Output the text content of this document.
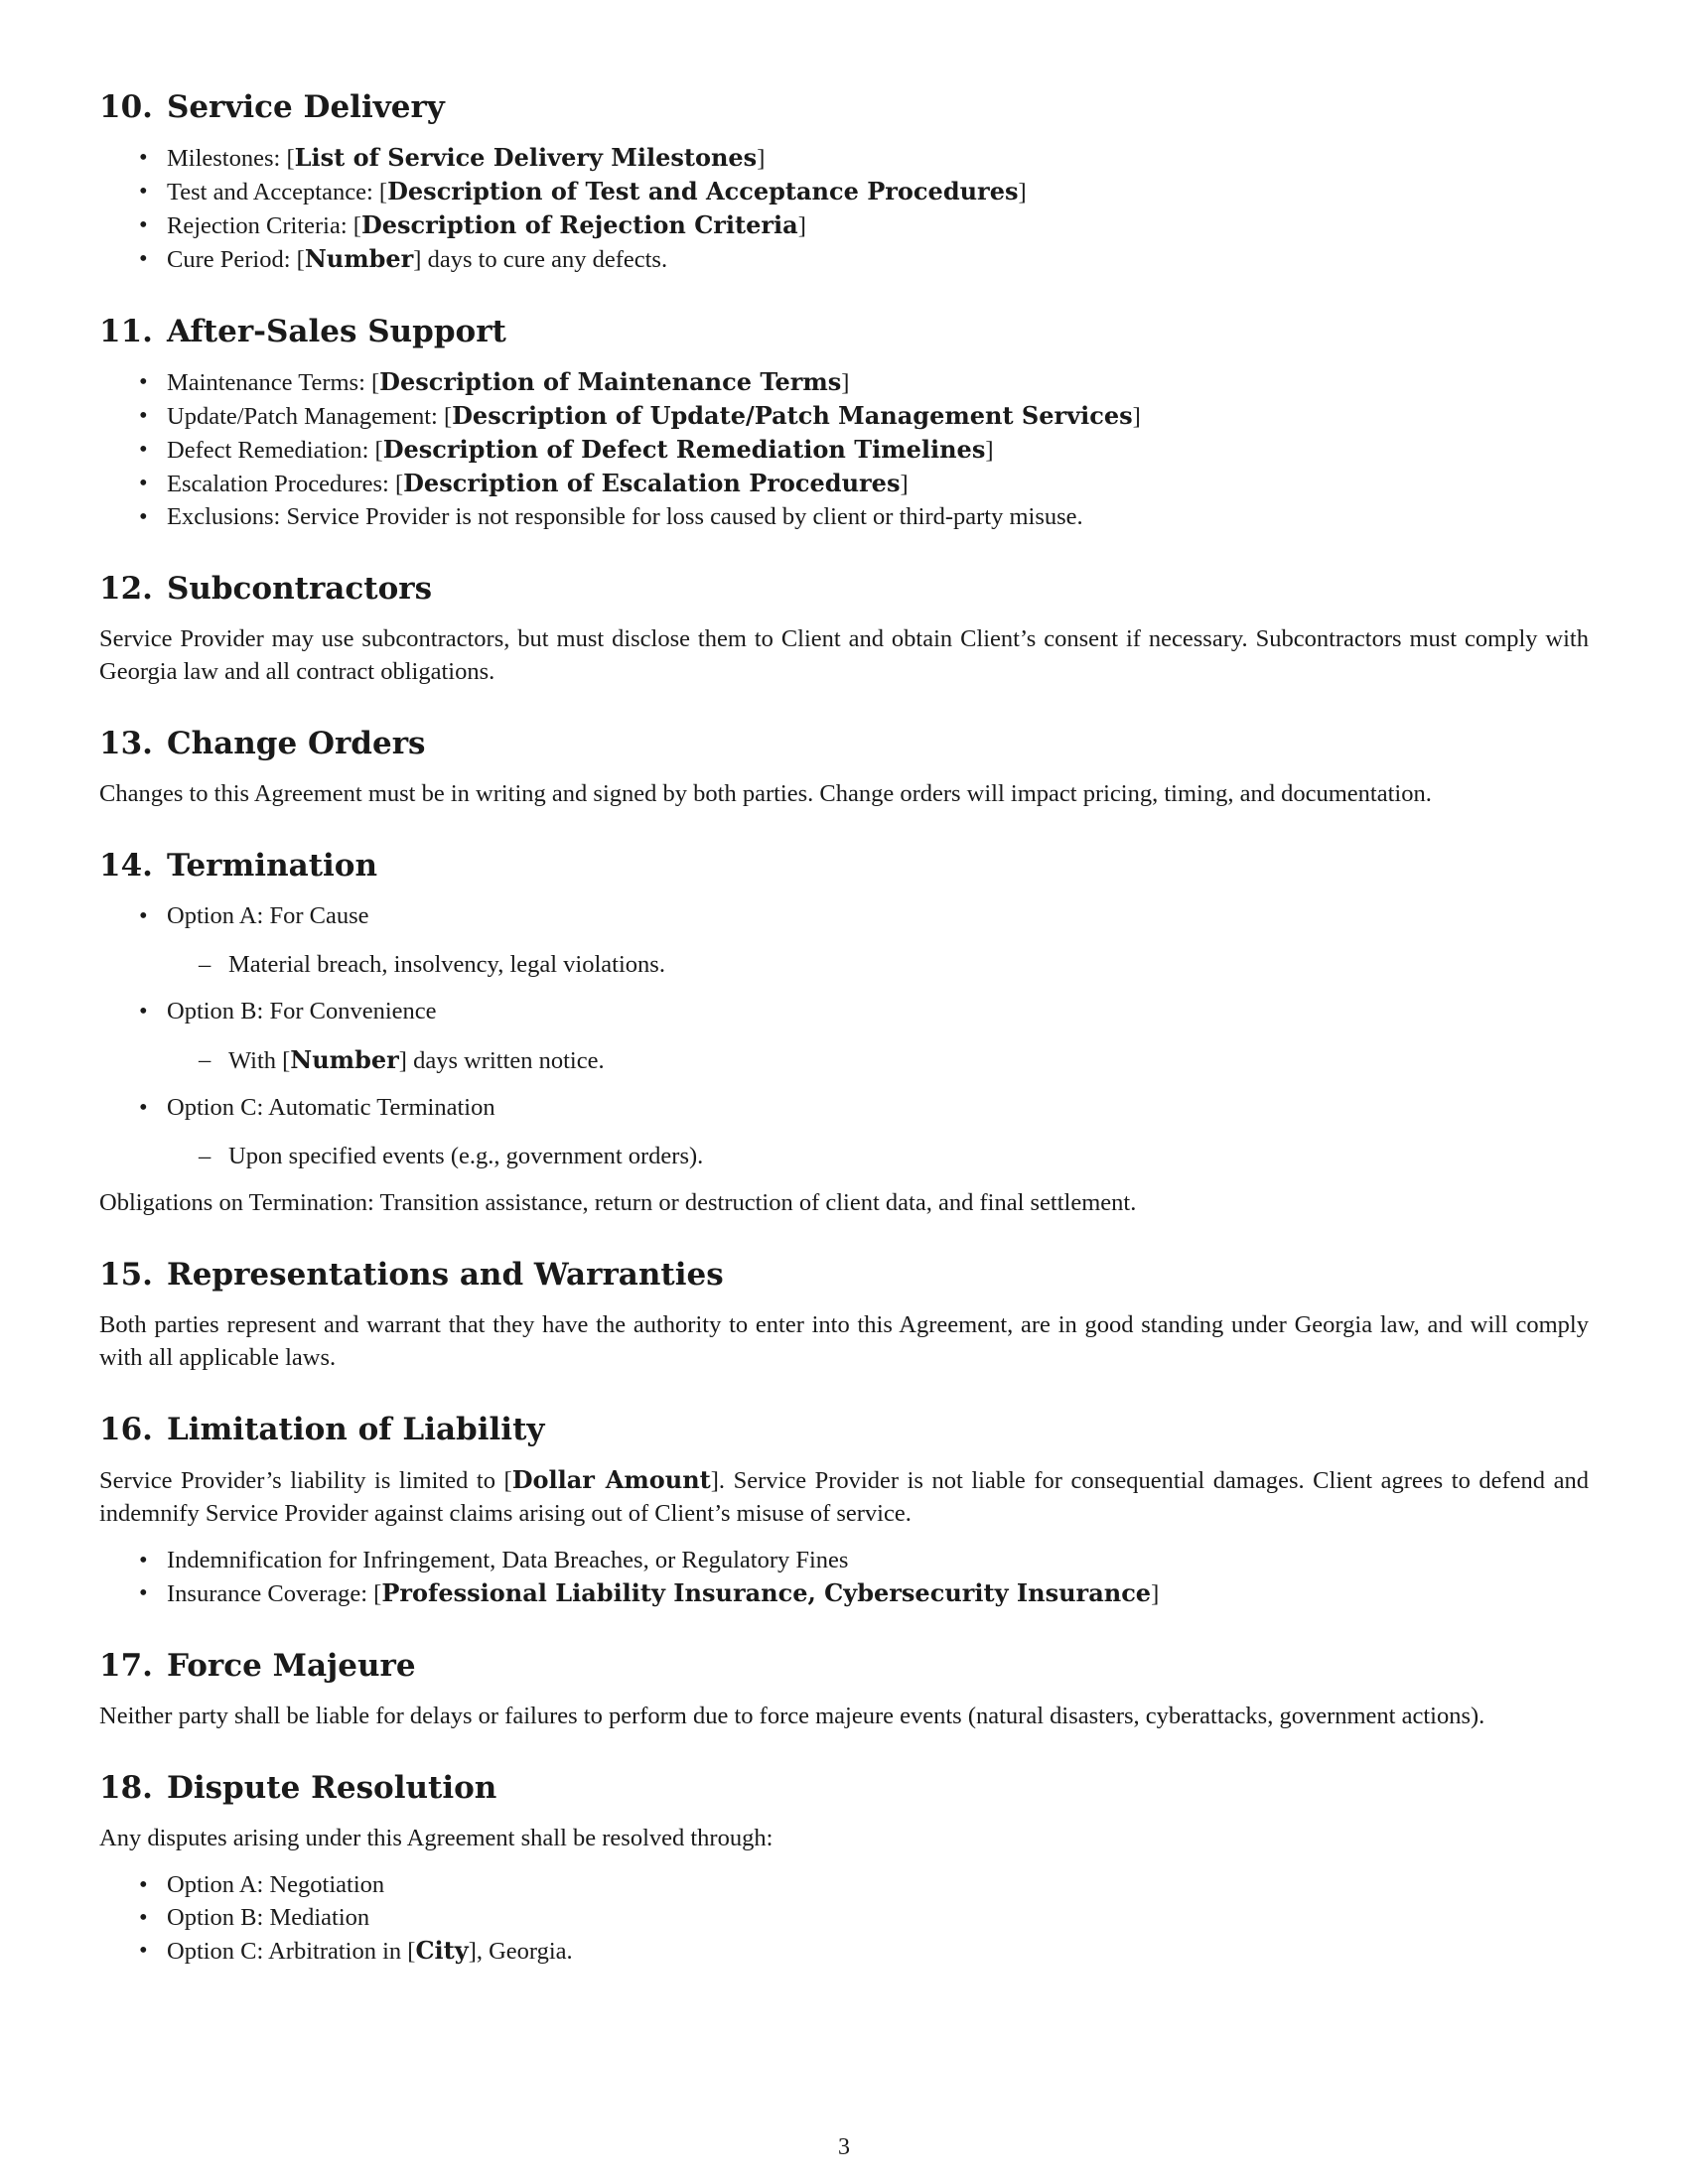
10. Service Delivery
• Milestones: [List of Service Delivery Milestones]
• Test and Acceptance: [Description of Test and Acceptance Procedures]
• Rejection Criteria: [Description of Rejection Criteria]
• Cure Period: [Number] days to cure any defects.
11. After-Sales Support
• Maintenance Terms: [Description of Maintenance Terms]
• Update/Patch Management: [Description of Update/Patch Management Services]
• Defect Remediation: [Description of Defect Remediation Timelines]
• Escalation Procedures: [Description of Escalation Procedures]
• Exclusions: Service Provider is not responsible for loss caused by client or third-party misuse.
12. Subcontractors

Service Provider may use subcontractors, but must disclose them to Client and obtain Client’s consent if necessary. Subcontractors must comply with Georgia law and all contract obligations.

13. Change Orders

Changes to this Agreement must be in writing and signed by both parties. Change orders will impact pricing, timing, and documentation.

14. Termination
• Option A: For Cause
– Material breach, insolvency, legal violations.
• Option B: For Convenience
– With [Number] days written notice.
• Option C: Automatic Termination
– Upon specified events (e.g., government orders).

Obligations on Termination: Transition assistance, return or destruction of client data, and final settlement.

15. Representations and Warranties

Both parties represent and warrant that they have the authority to enter into this Agreement, are in good standing under Georgia law, and will comply with all applicable laws.

16. Limitation of Liability

Service Provider’s liability is limited to [Dollar Amount]. Service Provider is not liable for consequential damages. Client agrees to defend and indemnify Service Provider against claims arising out of Client’s misuse of service.

• Indemnification for Infringement, Data Breaches, or Regulatory Fines
• Insurance Coverage: [Professional Liability Insurance, Cybersecurity Insurance]
17. Force Majeure

Neither party shall be liable for delays or failures to perform due to force majeure events (natural disasters, cyberattacks, government actions).

18. Dispute Resolution

Any disputes arising under this Agreement shall be resolved through:

• Option A: Negotiation
• Option B: Mediation
• Option C: Arbitration in [City], Georgia.
3
